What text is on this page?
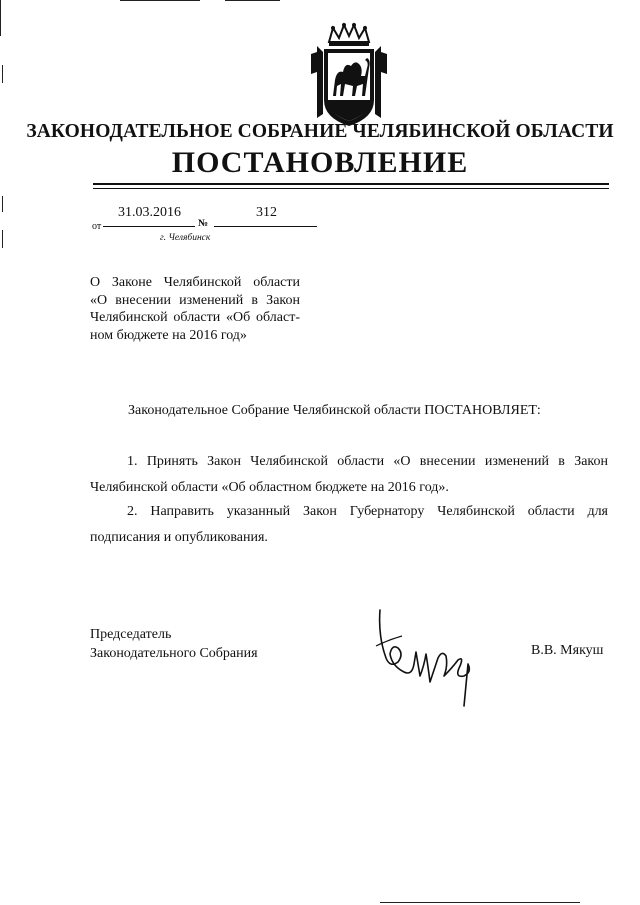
ЗАКОНОДАТЕЛЬНОЕ СОБРАНИЕ ЧЕЛЯБИНСКОЙ ОБЛАСТИ
ПОСТАНОВЛЕНИЕ
от
31.03.2016
№
312
г. Челябинск
О Законе Челябинской области
«О внесении изменений в Закон
Челябинской области «Об област-
ном бюджете на 2016 год»
Законодательное Собрание Челябинской области ПОСТАНОВЛЯЕТ:
1. Принять Закон Челябинской области «О внесении изменений в Закон Челябинской области «Об областном бюджете на 2016 год».
2. Направить указанный Закон Губернатору Челябинской области для подписания и опубликования.
Председатель
Законодательного Собрания	В.В. Мякуш
